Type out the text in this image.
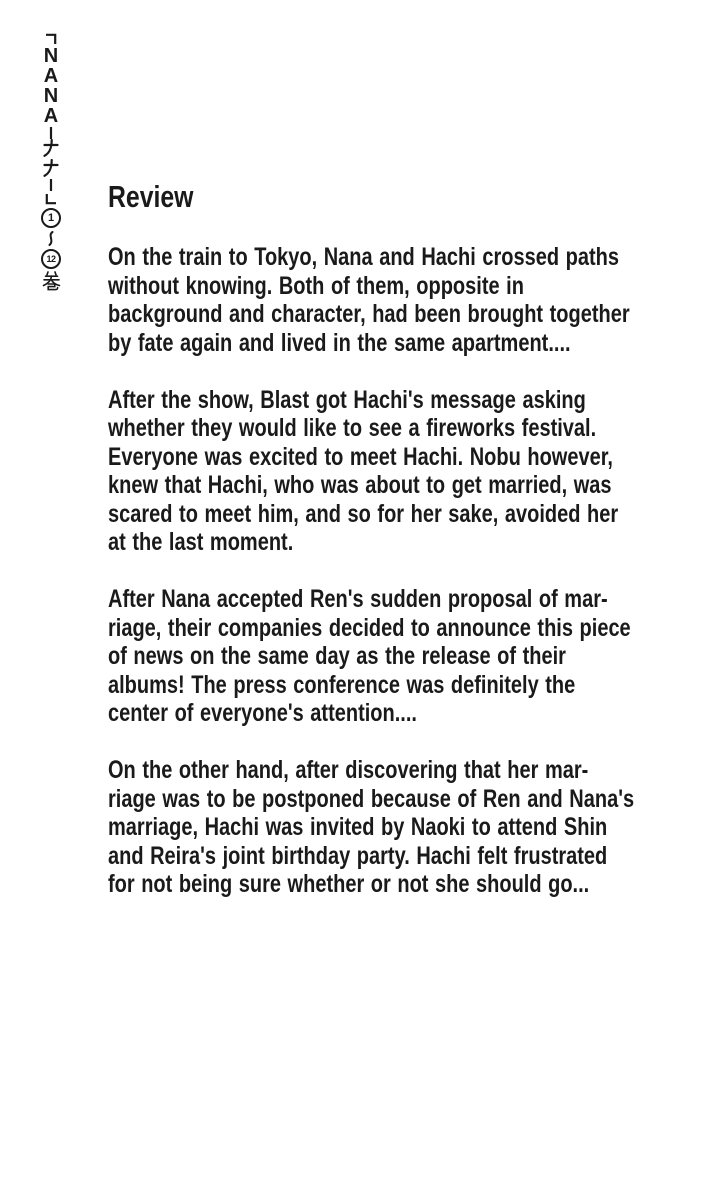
N
A
N
A
1
12
Review
On the train to Tokyo, Nana and Hachi crossed paths
without knowing. Both of them, opposite in
background and character, had been brought together
by fate again and lived in the same apartment....
After the show, Blast got Hachi's message asking
whether they would like to see a fireworks festival.
Everyone was excited to meet Hachi. Nobu however,
knew that Hachi, who was about to get married, was
scared to meet him, and so for her sake, avoided her
at the last moment.
After Nana accepted Ren's sudden proposal of mar-
riage, their companies decided to announce this piece
of news on the same day as the release of their
albums! The press conference was definitely the
center of everyone's attention....
On the other hand, after discovering that her mar-
riage was to be postponed because of Ren and Nana's
marriage, Hachi was invited by Naoki to attend Shin
and Reira's joint birthday party. Hachi felt frustrated
for not being sure whether or not she should go...
